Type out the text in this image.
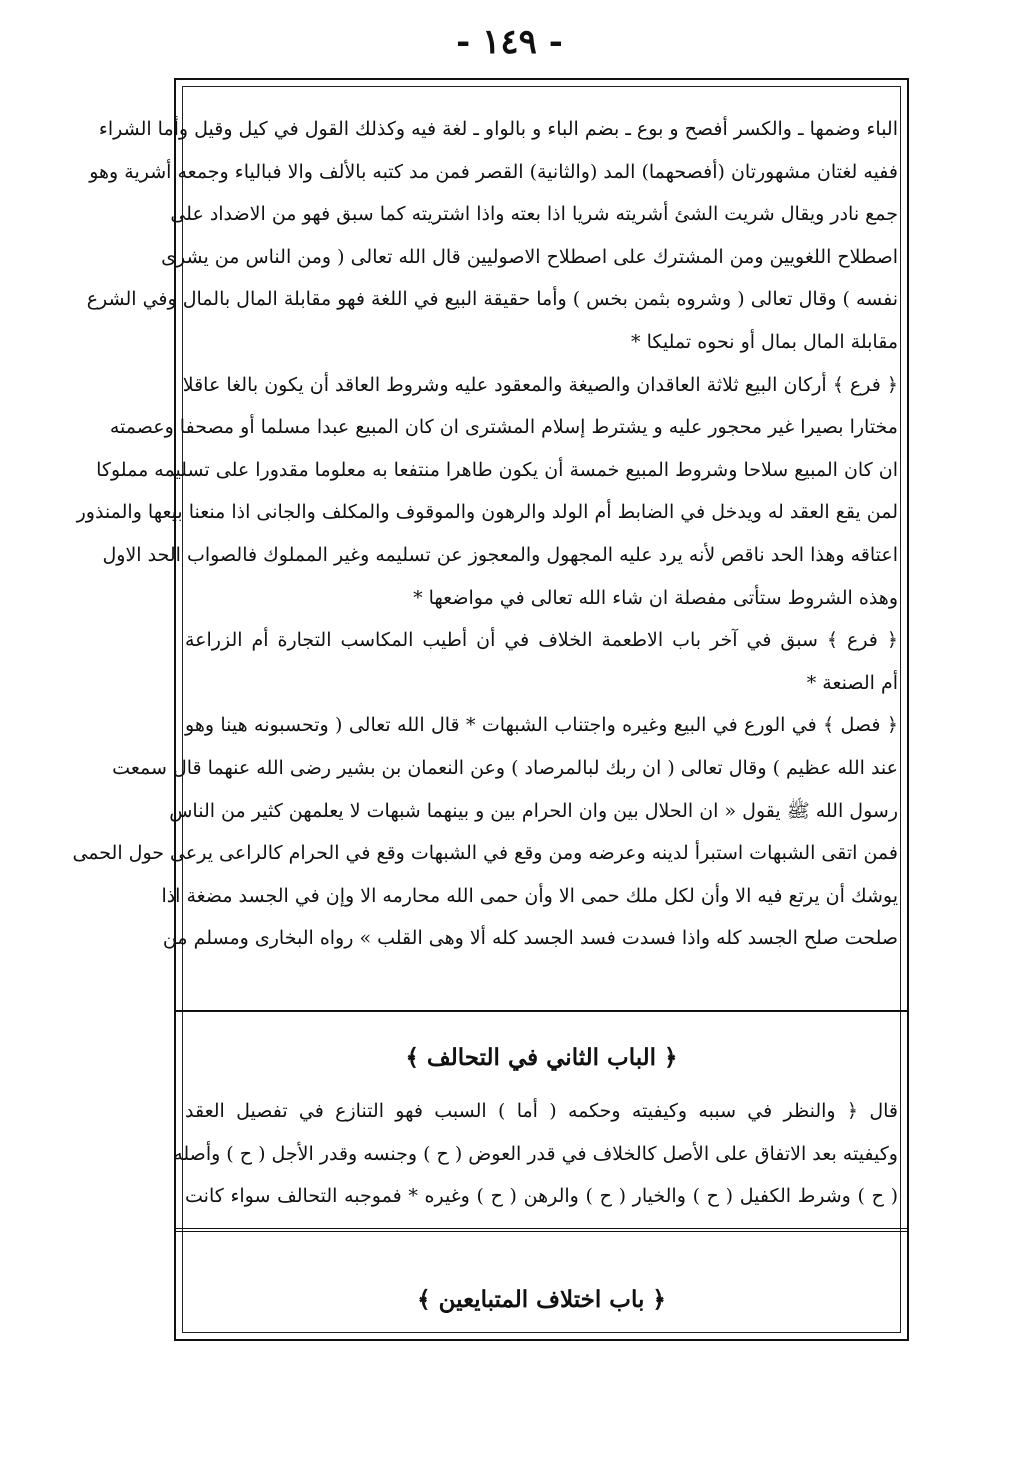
- ١٤٩ -
الباء وضمها ـ والكسر أفصح و بوع ـ بضم الباء و بالواو ـ لغة فيه وكذلك القول في كيل وقيل وأما الشراء
ففيه لغتان مشهورتان (أفصحهما) المد (والثانية) القصر فمن مد كتبه بالألف والا فبالياء وجمعه أشرية وهو
جمع نادر ويقال شريت الشئ أشريته شريا اذا بعته واذا اشتريته كما سبق فهو من الاضداد على
اصطلاح اللغويين ومن المشترك على اصطلاح الاصوليين قال الله تعالى ( ومن الناس من يشرى
نفسه ) وقال تعالى ( وشروه بثمن بخس ) وأما حقيقة البيع في اللغة فهو مقابلة المال بالمال وفي الشرع
مقابلة المال بمال أو نحوه تمليكا *
﴿ فرع ﴾ أركان البيع ثلاثة العاقدان والصيغة والمعقود عليه وشروط العاقد أن يكون بالغا عاقلا
مختارا بصيرا غير محجور عليه و يشترط إسلام المشترى ان كان المبيع عبدا مسلما أو مصحفا وعصمته
ان كان المبيع سلاحا وشروط المبيع خمسة أن يكون طاهرا منتفعا به معلوما مقدورا على تسليمه مملوكا
لمن يقع العقد له ويدخل في الضابط أم الولد والرهون والموقوف والمكلف والجانى اذا منعنا بيعها والمنذور
اعتاقه وهذا الحد ناقص لأنه يرد عليه المجهول والمعجوز عن تسليمه وغير المملوك فالصواب الحد الاول
وهذه الشروط ستأتى مفصلة ان شاء الله تعالى في مواضعها *
﴿ فرع ﴾ سبق في آخر باب الاطعمة الخلاف في أن أطيب المكاسب التجارة أم الزراعة
أم الصنعة *
﴿ فصل ﴾ في الورع في البيع وغيره واجتناب الشبهات * قال الله تعالى ( وتحسبونه هينا وهو
عند الله عظيم ) وقال تعالى ( ان ربك لبالمرصاد ) وعن النعمان بن بشير رضى الله عنهما قال سمعت
رسول الله ﷺ يقول « ان الحلال بين وان الحرام بين و بينهما شبهات لا يعلمهن كثير من الناس
فمن اتقى الشبهات استبرأ لدينه وعرضه ومن وقع في الشبهات وقع في الحرام كالراعى يرعى حول الحمى
يوشك أن يرتع فيه الا وأن لكل ملك حمى الا وأن حمى الله محارمه الا وإن في الجسد مضغة اذا
صلحت صلح الجسد كله واذا فسدت فسد الجسد كله ألا وهى القلب » رواه البخارى ومسلم من
﴿ الباب الثاني في التحالف ﴾
قال ﴿ والنظر في سببه وكيفيته وحكمه ( أما ) السبب فهو التنازع في تفصيل العقد
وكيفيته بعد الاتفاق على الأصل كالخلاف في قدر العوض ( ح ) وجنسه وقدر الأجل ( ح ) وأصله
( ح ) وشرط الكفيل ( ح ) والخيار ( ح ) والرهن ( ح ) وغيره * فموجبه التحالف سواء كانت
﴿ باب اختلاف المتبايعين ﴾
